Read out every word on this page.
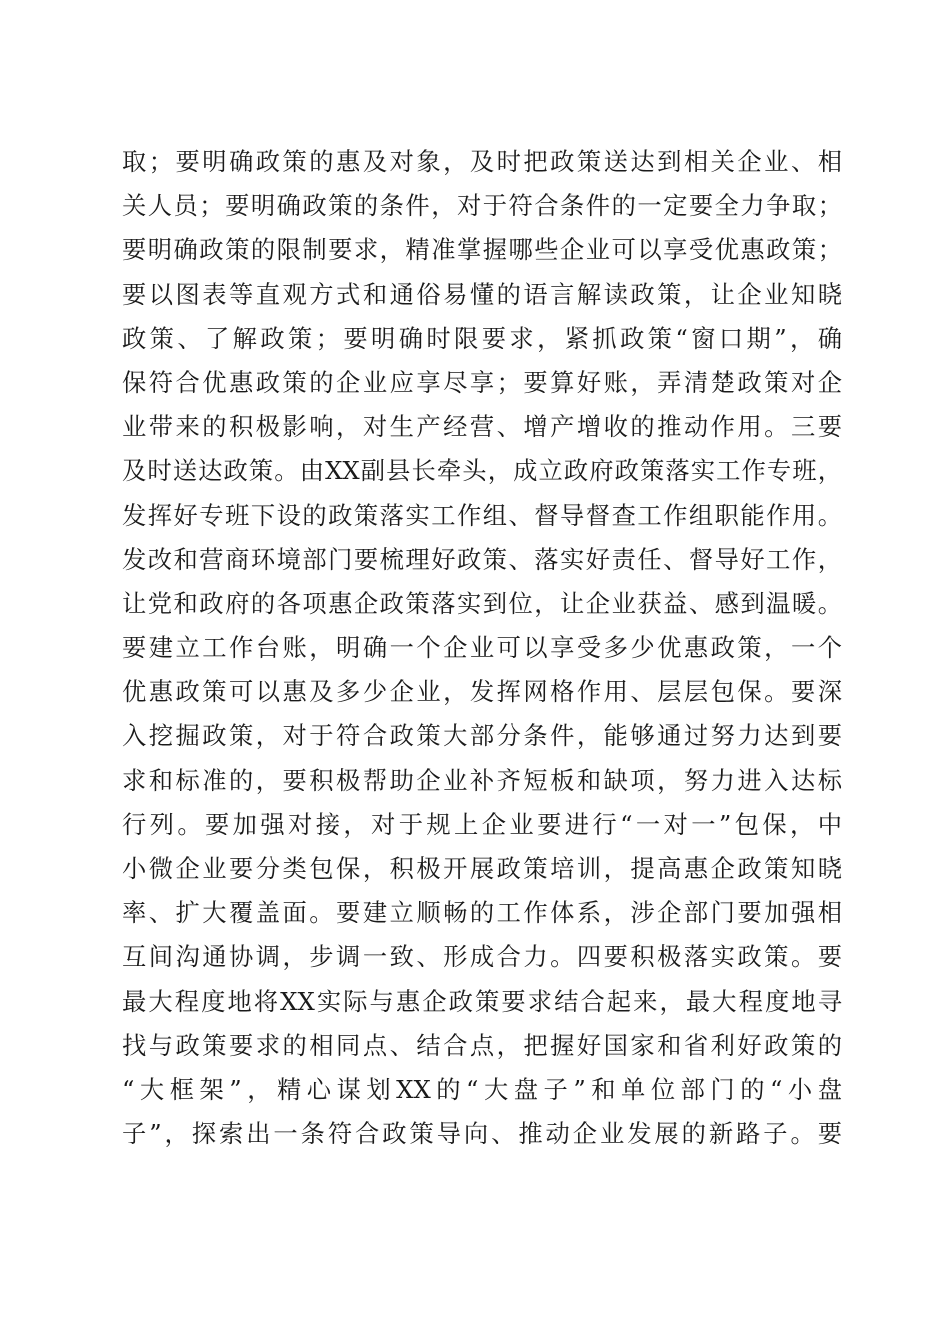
取；要明确政策的惠及对象，及时把政策送达到相关企业、相
关人员；要明确政策的条件，对于符合条件的一定要全力争取；
要明确政策的限制要求，精准掌握哪些企业可以享受优惠政策；
要以图表等直观方式和通俗易懂的语言解读政策，让企业知晓
政策、了解政策；要明确时限要求，紧抓政策“窗口期”，确
保符合优惠政策的企业应享尽享；要算好账，弄清楚政策对企
业带来的积极影响，对生产经营、增产增收的推动作用。三要
及时送达政策。由XX副县长牵头，成立政府政策落实工作专班，
发挥好专班下设的政策落实工作组、督导督查工作组职能作用。
发改和营商环境部门要梳理好政策、落实好责任、督导好工作，
让党和政府的各项惠企政策落实到位，让企业获益、感到温暖。
要建立工作台账，明确一个企业可以享受多少优惠政策，一个
优惠政策可以惠及多少企业，发挥网格作用、层层包保。要深
入挖掘政策，对于符合政策大部分条件，能够通过努力达到要
求和标准的，要积极帮助企业补齐短板和缺项，努力进入达标
行列。要加强对接，对于规上企业要进行“一对一”包保，中
小微企业要分类包保，积极开展政策培训，提高惠企政策知晓
率、扩大覆盖面。要建立顺畅的工作体系，涉企部门要加强相
互间沟通协调，步调一致、形成合力。四要积极落实政策。要
最大程度地将XX实际与惠企政策要求结合起来，最大程度地寻
找与政策要求的相同点、结合点，把握好国家和省利好政策的
“大框架”，精心谋划XX的“大盘子”和单位部门的“小盘
子”，探索出一条符合政策导向、推动企业发展的新路子。要
